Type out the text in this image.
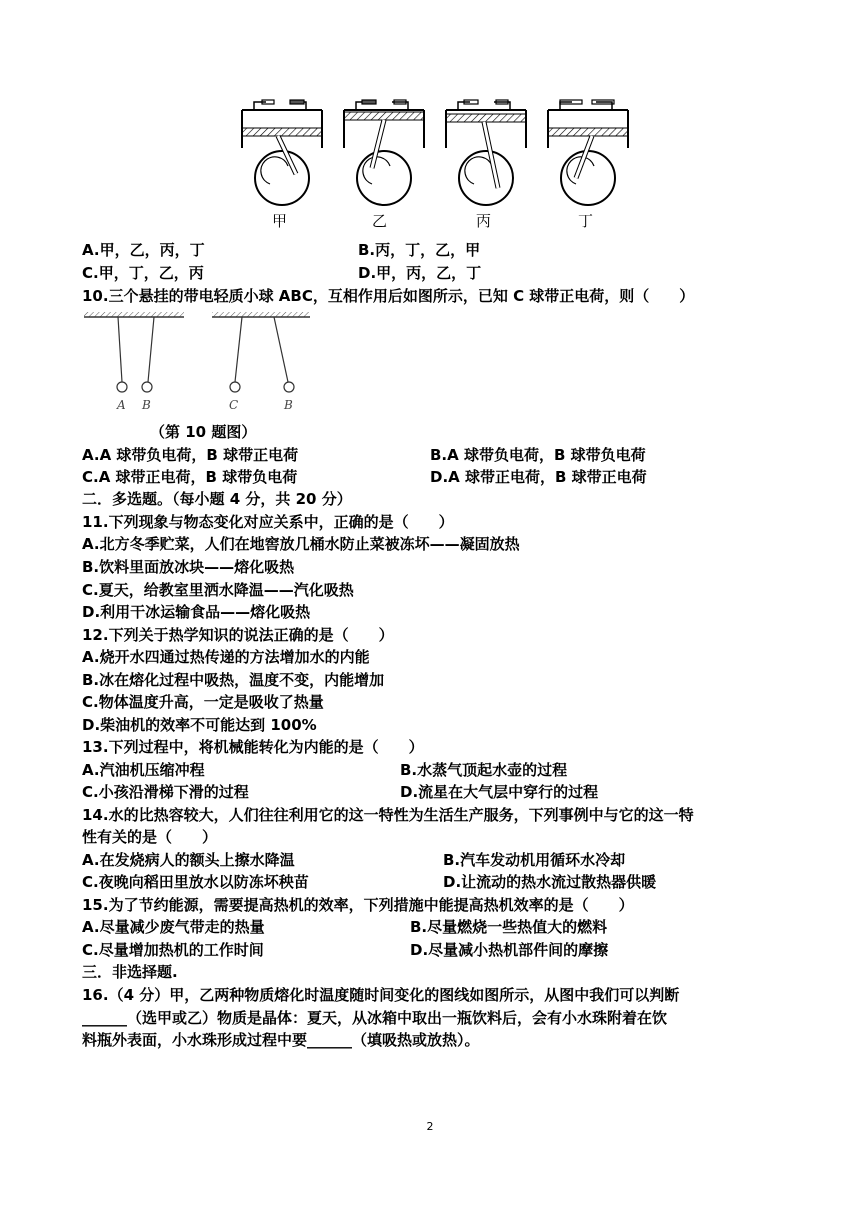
甲	乙	丙	丁
A.甲，乙，丙，丁	B.丙，丁，乙，甲
C.甲，丁，乙，丙	D.甲，丙，乙，丁
10.三个悬挂的带电轻质小球 ABC，互相作用后如图所示，已知 C 球带正电荷，则（　　）
A B	C	B
（第 10 题图）
A.A 球带负电荷，B 球带正电荷	B.A 球带负电荷，B 球带负电荷
C.A 球带正电荷，B 球带负电荷	D.A 球带正电荷，B 球带正电荷
二．多选题。（每小题 4 分，共 20 分）
11.下列现象与物态变化对应关系中，正确的是（　　）
A.北方冬季贮菜，人们在地窖放几桶水防止菜被冻坏——凝固放热
B.饮料里面放冰块——熔化吸热
C.夏天，给教室里洒水降温——汽化吸热
D.利用干冰运输食品——熔化吸热
12.下列关于热学知识的说法正确的是（　　）
A.烧开水四通过热传递的方法增加水的内能
B.冰在熔化过程中吸热，温度不变，内能增加
C.物体温度升高，一定是吸收了热量
D.柴油机的效率不可能达到 100%
13.下列过程中，将机械能转化为内能的是（　　）
A.汽油机压缩冲程	B.水蒸气顶起水壶的过程
C.小孩沿滑梯下滑的过程	D.流星在大气层中穿行的过程
14.水的比热容较大，人们往往利用它的这一特性为生活生产服务，下列事例中与它的这一特
性有关的是（　　）
A.在发烧病人的额头上擦水降温	B.汽车发动机用循环水冷却
C.夜晚向稻田里放水以防冻坏秧苗	D.让流动的热水流过散热器供暖
15.为了节约能源，需要提高热机的效率，下列措施中能提高热机效率的是（　　）
A.尽量减少废气带走的热量	B.尽量燃烧一些热值大的燃料
C.尽量增加热机的工作时间	D.尽量减小热机部件间的摩擦
三．非选择题.
16.（4 分）甲，乙两种物质熔化时温度随时间变化的图线如图所示，从图中我们可以判断
______（选甲或乙）物质是晶体：夏天，从冰箱中取出一瓶饮料后，会有小水珠附着在饮
料瓶外表面，小水珠形成过程中要______（填吸热或放热）。
2
